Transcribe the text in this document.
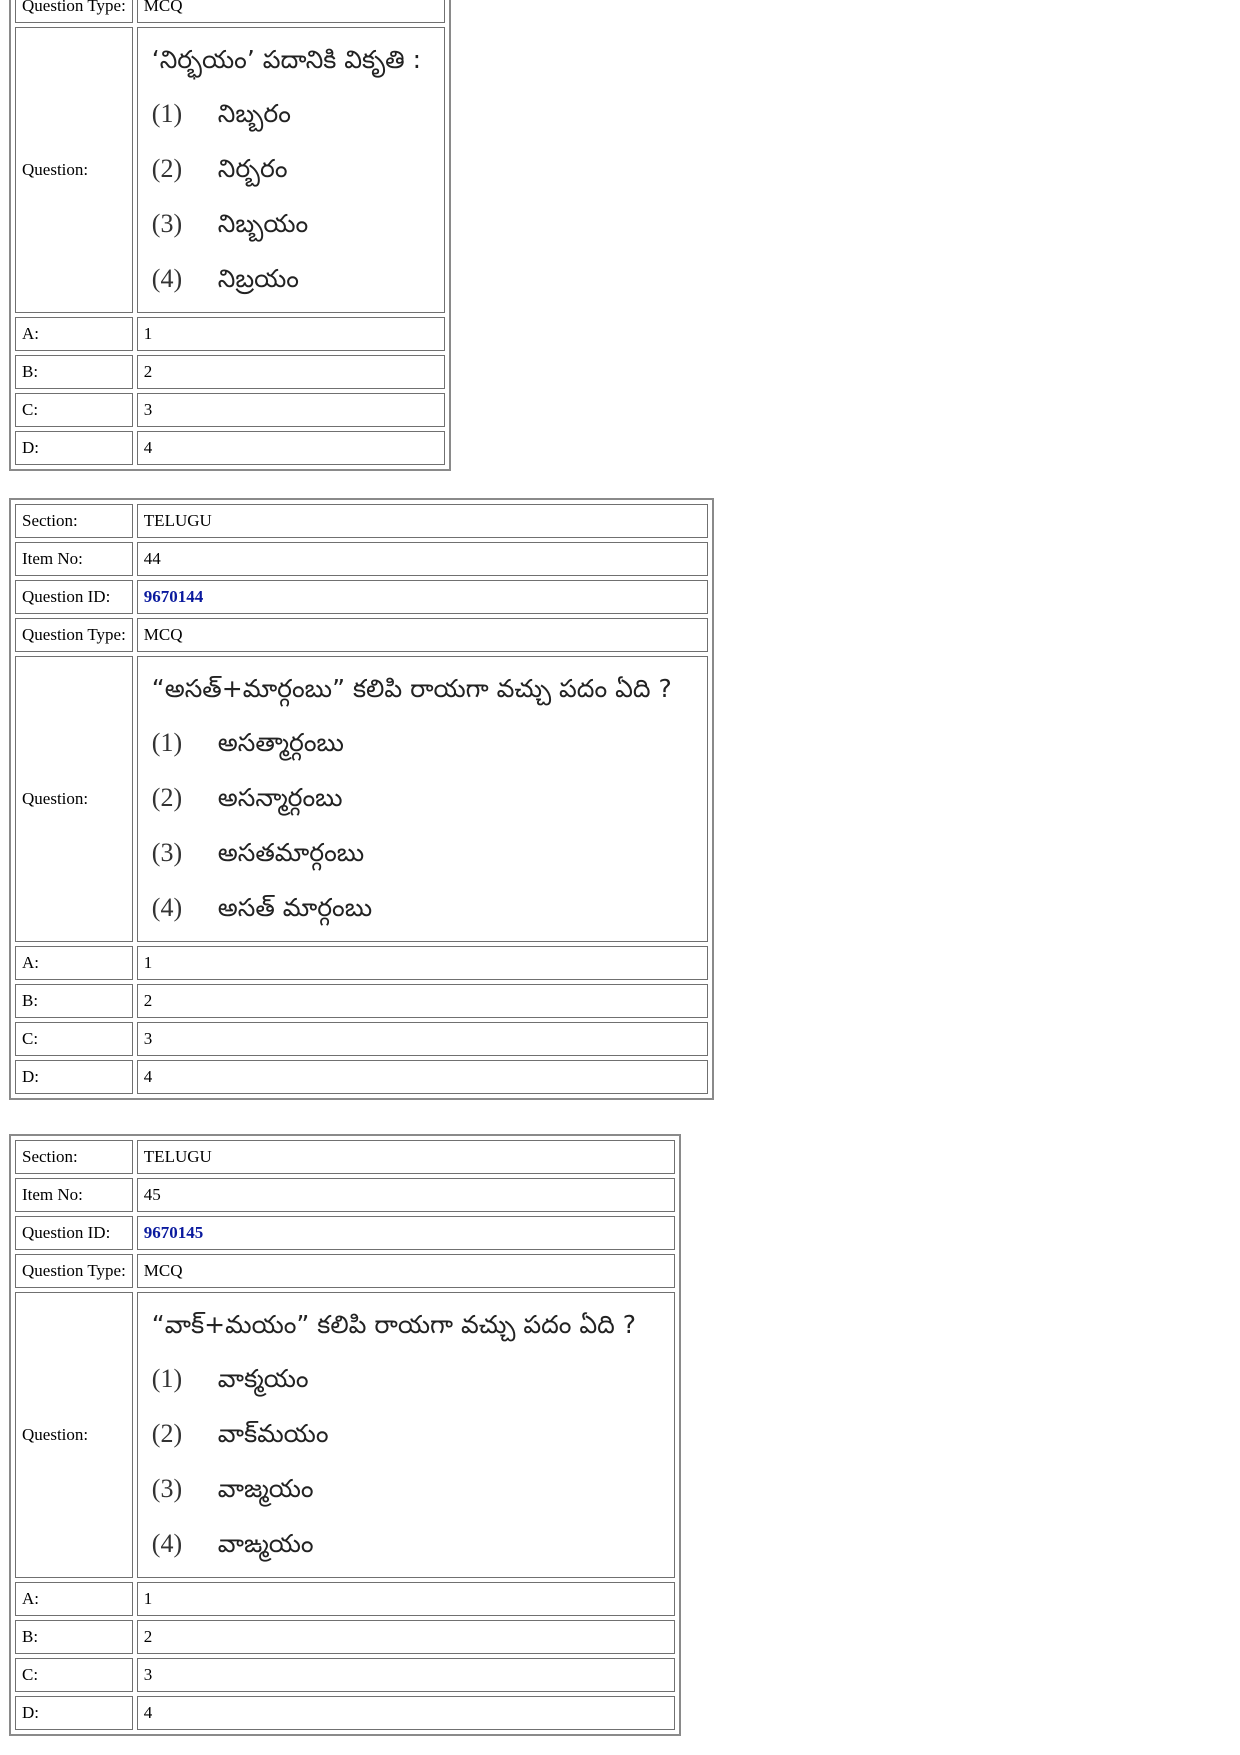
Question Type:	MCQ
Question:	‘నిర్భయం’ పదానికి వికృతి :
(1) నిబ్బరం
(2) నిర్బరం
(3) నిబ్బయం
(4) నిబ్రయం

A:	1
B:	2
C:	3
D:	4
Section:	TELUGU
Item No:	44
Question ID:	9670144
Question Type:	MCQ
Question:	“అసత్+మార్గంబు” కలిపి రాయగా వచ్చు పదం ఏది ?
(1) అసత్మార్గంబు
(2) అసన్మార్గంబు
(3) అసతమార్గంబు
(4) అసత్ మార్గంబు

A:	1
B:	2
C:	3
D:	4
Section:	TELUGU
Item No:	45
Question ID:	9670145
Question Type:	MCQ
Question:	“వాక్+మయం” కలిపి రాయగా వచ్చు పదం ఏది ?
(1) వాక్మయం
(2) వాక్‌మయం
(3) వాజ్మయం
(4) వాఙ్మయం

A:	1
B:	2
C:	3
D:	4
